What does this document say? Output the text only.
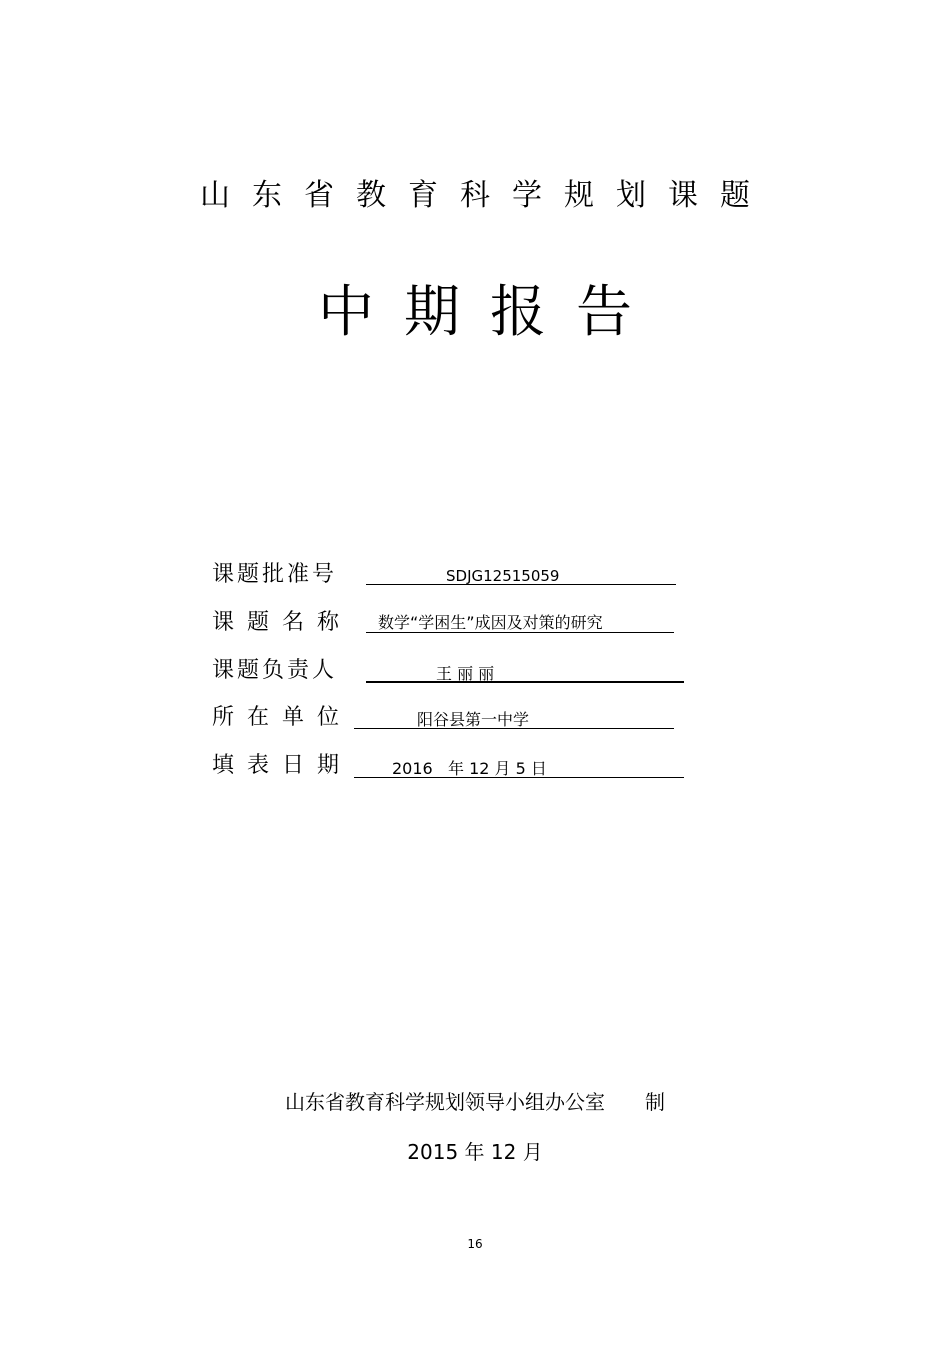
山东省教育科学规划课题
中期报告
课题批准号	SDJG12515059
课 题 名 称 数学“学困生”成因及对策的研究
课题负责人	王 丽 丽
所 在 单 位	阳谷县第一中学
填 表 日 期	2016   年 12 月 5 日
山东省教育科学规划领导小组办公室　　制
2015 年 12 月
16
